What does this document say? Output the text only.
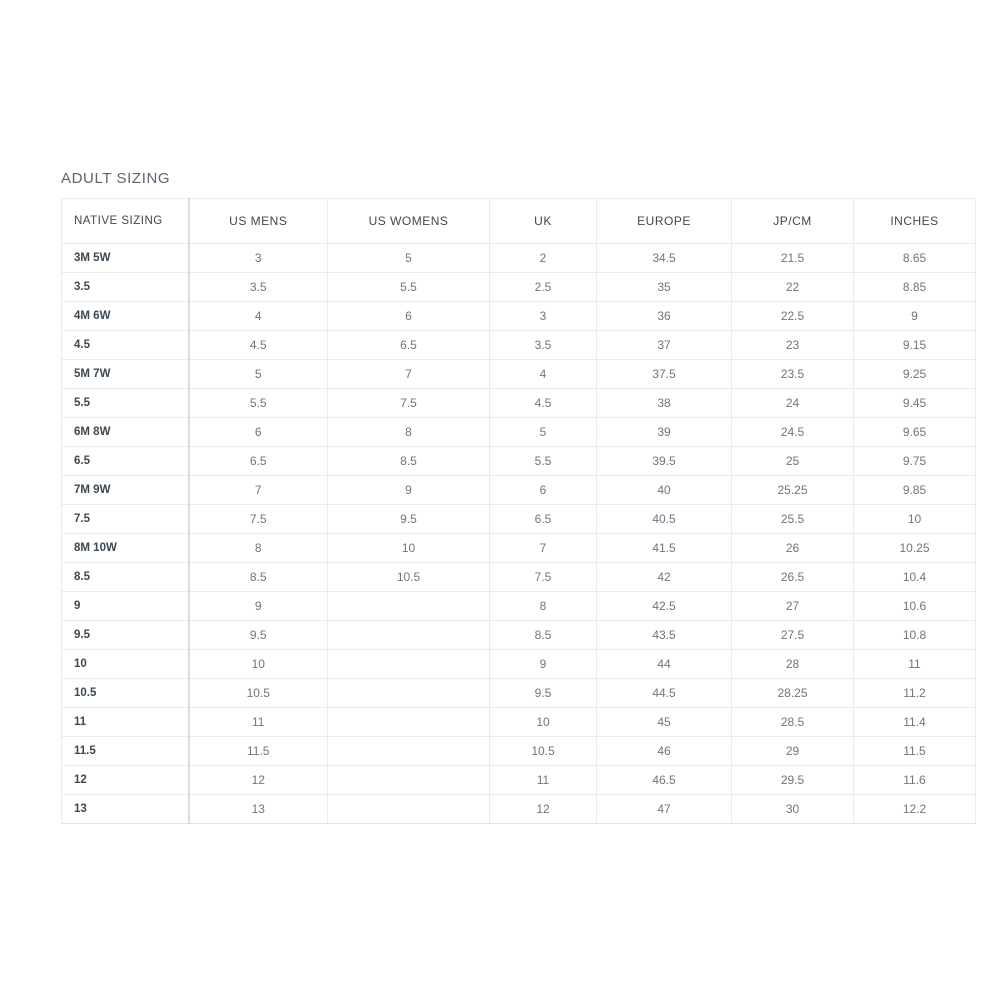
ADULT SIZING
NATIVE SIZING	US MENS	US WOMENS	UK	EUROPE	JP/CM	INCHES
3M 5W	3	5	2	34.5	21.5	8.65
3.5	3.5	5.5	2.5	35	22	8.85
4M 6W	4	6	3	36	22.5	9
4.5	4.5	6.5	3.5	37	23	9.15
5M 7W	5	7	4	37.5	23.5	9.25
5.5	5.5	7.5	4.5	38	24	9.45
6M 8W	6	8	5	39	24.5	9.65
6.5	6.5	8.5	5.5	39.5	25	9.75
7M 9W	7	9	6	40	25.25	9.85
7.5	7.5	9.5	6.5	40.5	25.5	10
8M 10W	8	10	7	41.5	26	10.25
8.5	8.5	10.5	7.5	42	26.5	10.4
9	9		8	42.5	27	10.6
9.5	9.5		8.5	43.5	27.5	10.8
10	10		9	44	28	11
10.5	10.5		9.5	44.5	28.25	11.2
11	11		10	45	28.5	11.4
11.5	11.5		10.5	46	29	11.5
12	12		11	46.5	29.5	11.6
13	13		12	47	30	12.2
